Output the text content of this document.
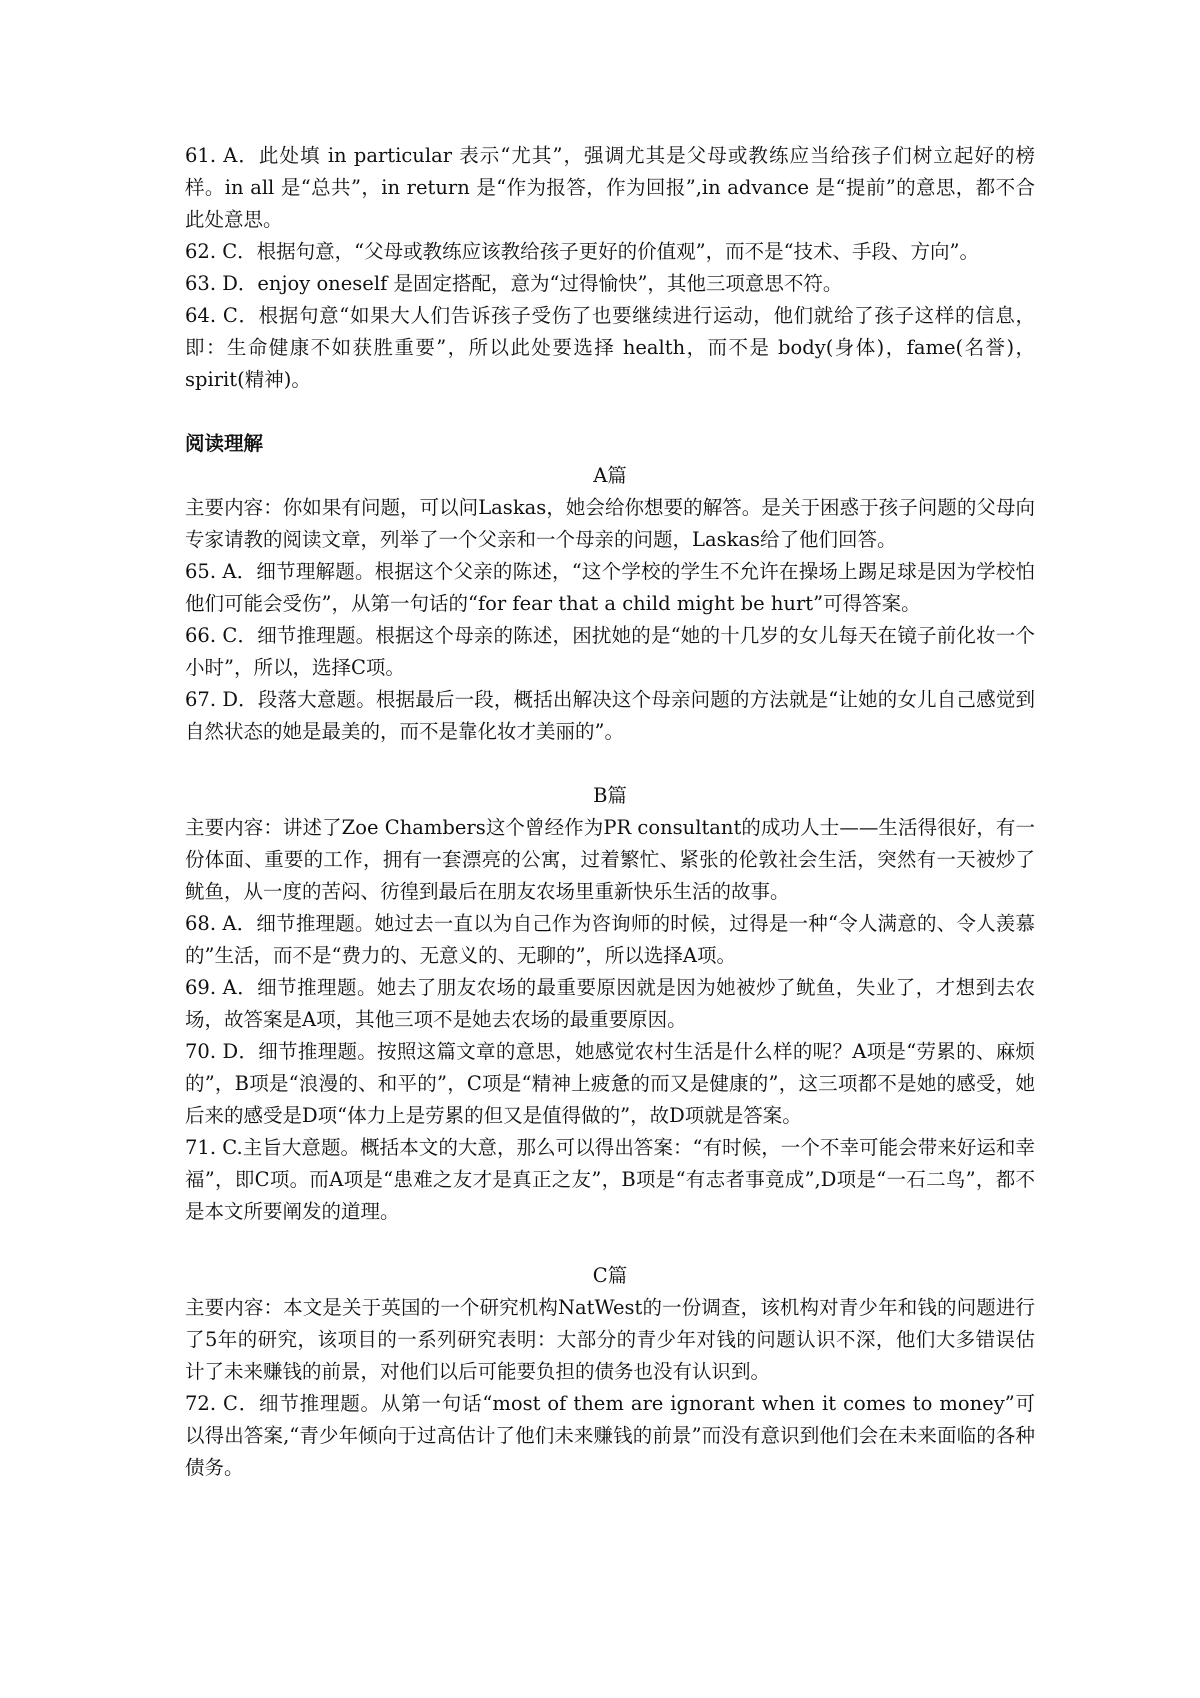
61. A．此处填 in particular 表示“尤其”，强调尤其是父母或教练应当给孩子们树立起好的榜样。in all 是“总共”，in return 是“作为报答，作为回报”,in advance 是“提前”的意思，都不合此处意思。

62. C．根据句意，“父母或教练应该教给孩子更好的价值观”，而不是“技术、手段、方向”。

63. D．enjoy oneself 是固定搭配，意为“过得愉快”，其他三项意思不符。

64. C．根据句意“如果大人们告诉孩子受伤了也要继续进行运动，他们就给了孩子这样的信息，即：生命健康不如获胜重要”，所以此处要选择 health，而不是 body(身体)，fame(名誉)，spirit(精神)。

阅读理解

A篇

主要内容：你如果有问题，可以问Laskas，她会给你想要的解答。是关于困惑于孩子问题的父母向专家请教的阅读文章，列举了一个父亲和一个母亲的问题，Laskas给了他们回答。

65. A．细节理解题。根据这个父亲的陈述，“这个学校的学生不允许在操场上踢足球是因为学校怕他们可能会受伤”，从第一句话的“for fear that a child might be hurt”可得答案。

66. C．细节推理题。根据这个母亲的陈述，困扰她的是“她的十几岁的女儿每天在镜子前化妆一个小时”，所以，选择C项。

67. D．段落大意题。根据最后一段，概括出解决这个母亲问题的方法就是“让她的女儿自己感觉到自然状态的她是最美的，而不是靠化妆才美丽的”。

B篇

主要内容：讲述了Zoe Chambers这个曾经作为PR consultant的成功人士——生活得很好，有一份体面、重要的工作，拥有一套漂亮的公寓，过着繁忙、紧张的伦敦社会生活，突然有一天被炒了鱿鱼，从一度的苦闷、彷徨到最后在朋友农场里重新快乐生活的故事。

68. A．细节推理题。她过去一直以为自己作为咨询师的时候，过得是一种“令人满意的、令人羡慕的”生活，而不是“费力的、无意义的、无聊的”，所以选择A项。

69. A．细节推理题。她去了朋友农场的最重要原因就是因为她被炒了鱿鱼，失业了，才想到去农场，故答案是A项，其他三项不是她去农场的最重要原因。

70. D．细节推理题。按照这篇文章的意思，她感觉农村生活是什么样的呢？A项是“劳累的、麻烦的”，B项是“浪漫的、和平的”，C项是“精神上疲惫的而又是健康的”，这三项都不是她的感受，她后来的感受是D项“体力上是劳累的但又是值得做的”，故D项就是答案。

71. C.主旨大意题。概括本文的大意，那么可以得出答案：“有时候，一个不幸可能会带来好运和幸福”，即C项。而A项是“患难之友才是真正之友”，B项是“有志者事竟成”,D项是“一石二鸟”，都不是本文所要阐发的道理。

C篇

主要内容：本文是关于英国的一个研究机构NatWest的一份调查，该机构对青少年和钱的问题进行了5年的研究，该项目的一系列研究表明：大部分的青少年对钱的问题认识不深，他们大多错误估计了未来赚钱的前景，对他们以后可能要负担的债务也没有认识到。

72. C．细节推理题。从第一句话“most of them are ignorant when it comes to money”可以得出答案,“青少年倾向于过高估计了他们未来赚钱的前景”而没有意识到他们会在未来面临的各种债务。
